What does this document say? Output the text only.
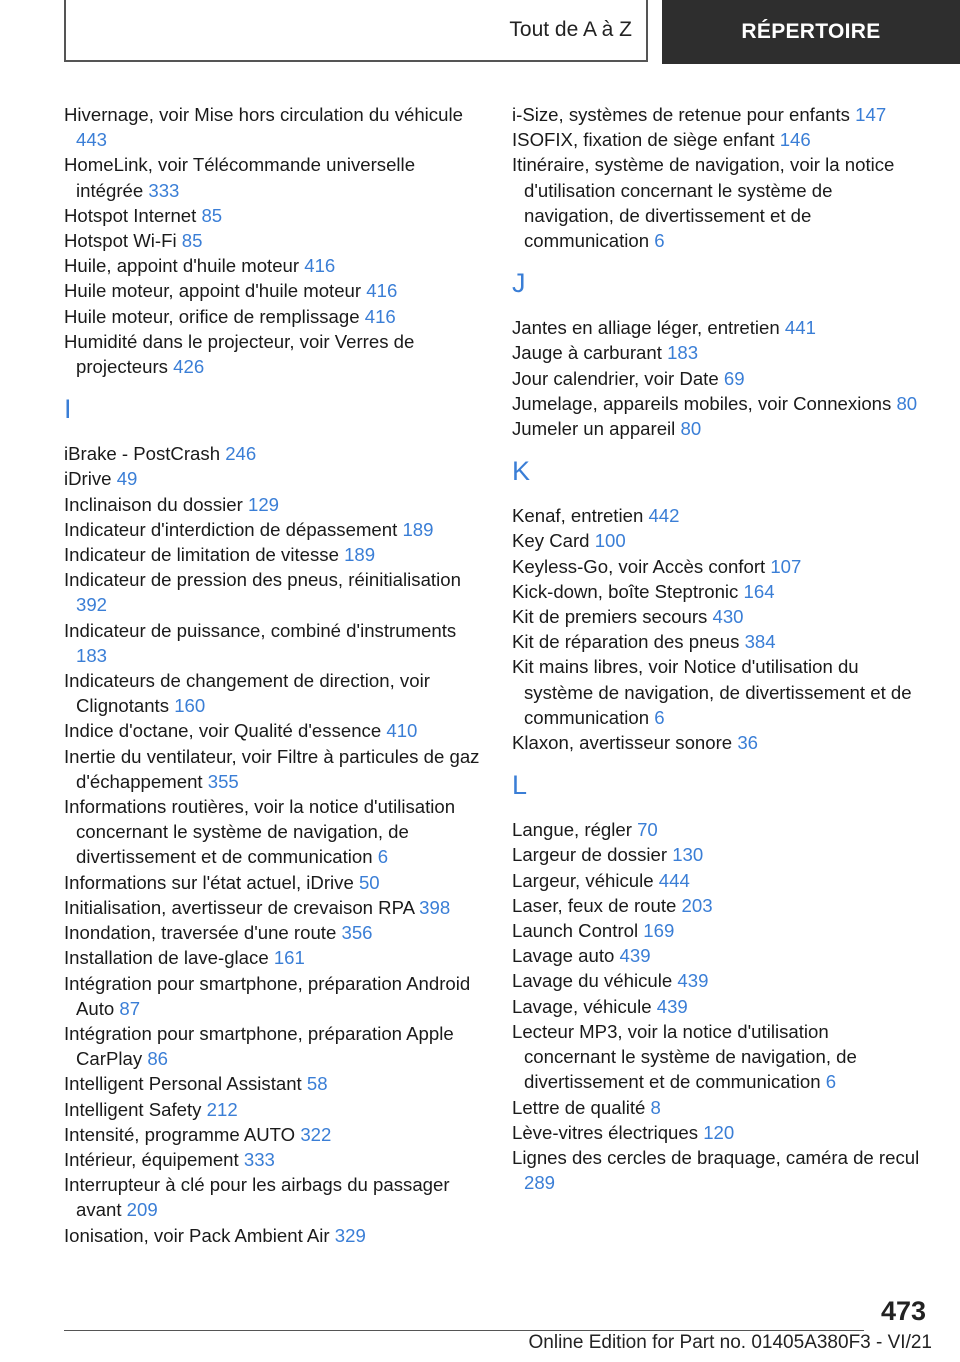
Tout de A à Z	RÉPERTOIRE

Hivernage, voir Mise hors circulation du véhicule 443

HomeLink, voir Télécommande universelle intégrée 333

Hotspot Internet 85

Hotspot Wi-Fi 85

Huile, appoint d'huile moteur 416

Huile moteur, appoint d'huile moteur 416

Huile moteur, orifice de remplissage 416

Humidité dans le projecteur, voir Verres de projecteurs 426

I

iBrake - PostCrash 246

iDrive 49

Inclinaison du dossier 129

Indicateur d'interdiction de dépassement 189

Indicateur de limitation de vitesse 189

Indicateur de pression des pneus, réinitialisation 392

Indicateur de puissance, combiné d'instruments 183

Indicateurs de changement de direction, voir Clignotants 160

Indice d'octane, voir Qualité d'essence 410

Inertie du ventilateur, voir Filtre à particules de gaz d'échappement 355

Informations routières, voir la notice d'utilisation concernant le système de navigation, de divertissement et de communication 6

Informations sur l'état actuel, iDrive 50

Initialisation, avertisseur de crevaison RPA 398

Inondation, traversée d'une route 356

Installation de lave-glace 161

Intégration pour smartphone, préparation Android Auto 87

Intégration pour smartphone, préparation Apple CarPlay 86

Intelligent Personal Assistant 58

Intelligent Safety 212

Intensité, programme AUTO 322

Intérieur, équipement 333

Interrupteur à clé pour les airbags du passager avant 209

Ionisation, voir Pack Ambient Air 329

i-Size, systèmes de retenue pour enfants 147

ISOFIX, fixation de siège enfant 146

Itinéraire, système de navigation, voir la notice d'utilisation concernant le système de navigation, de divertissement et de communication 6

J

Jantes en alliage léger, entretien 441

Jauge à carburant 183

Jour calendrier, voir Date 69

Jumelage, appareils mobiles, voir Connexions 80

Jumeler un appareil 80

K

Kenaf, entretien 442

Key Card 100

Keyless-Go, voir Accès confort 107

Kick-down, boîte Steptronic 164

Kit de premiers secours 430

Kit de réparation des pneus 384

Kit mains libres, voir Notice d'utilisation du système de navigation, de divertissement et de communication 6

Klaxon, avertisseur sonore 36

L

Langue, régler 70

Largeur de dossier 130

Largeur, véhicule 444

Laser, feux de route 203

Launch Control 169

Lavage auto 439

Lavage du véhicule 439

Lavage, véhicule 439

Lecteur MP3, voir la notice d'utilisation concernant le système de navigation, de divertissement et de communication 6

Lettre de qualité 8

Lève-vitres électriques 120

Lignes des cercles de braquage, caméra de recul 289

473
Online Edition for Part no. 01405A380F3 - VI/21
